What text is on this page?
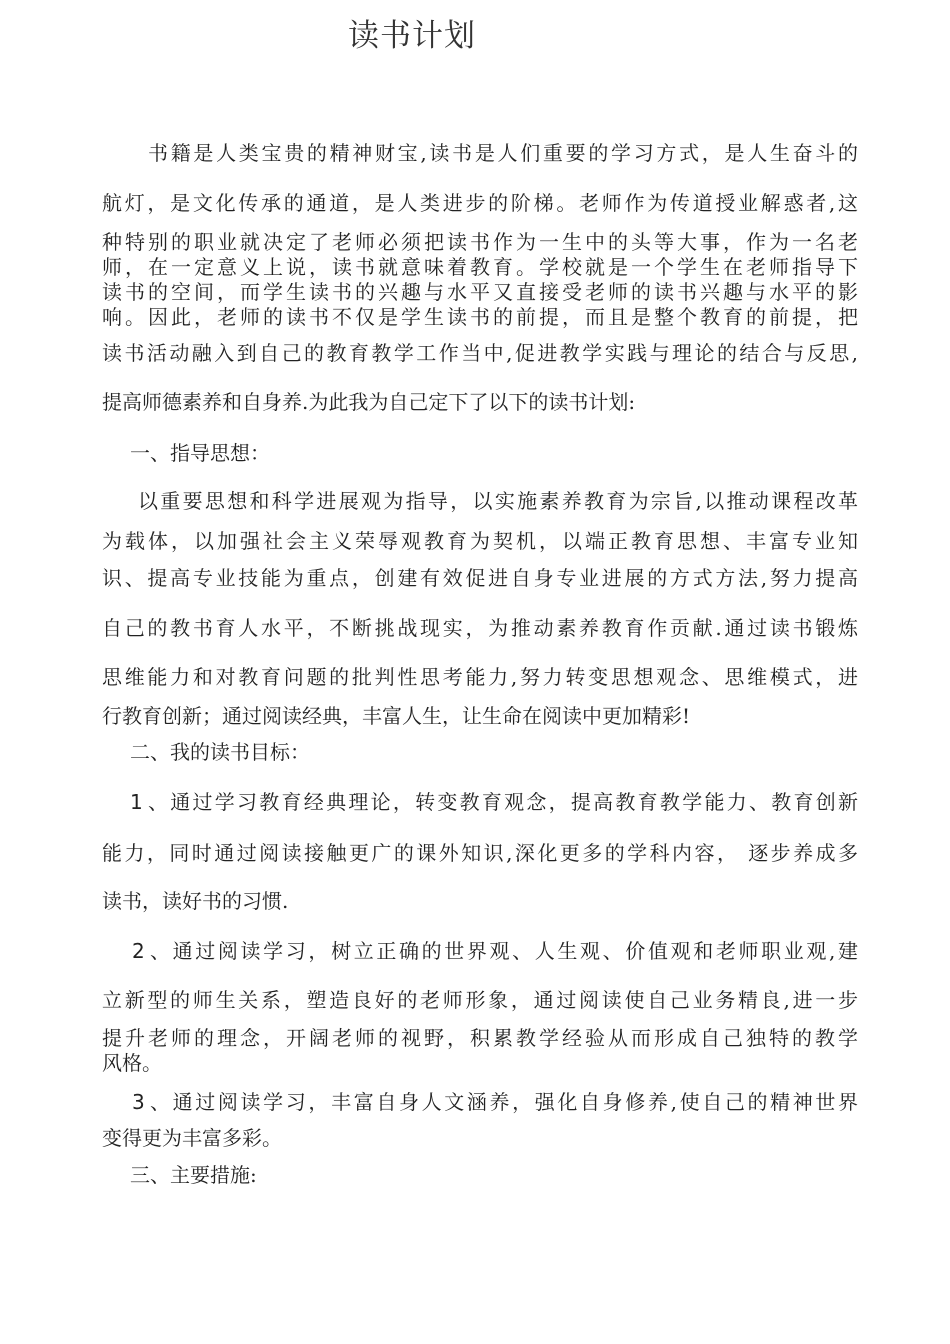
读书计划
书籍是人类宝贵的精神财宝,读书是人们重要的学习方式，是人生奋斗的
航灯，是文化传承的通道，是人类进步的阶梯。老师作为传道授业解惑者,这
种特别的职业就决定了老师必须把读书作为一生中的头等大事，作为一名老
师，在一定意义上说，读书就意味着教育。学校就是一个学生在老师指导下
读书的空间，而学生读书的兴趣与水平又直接受老师的读书兴趣与水平的影
响。因此，老师的读书不仅是学生读书的前提，而且是整个教育的前提，把
读书活动融入到自己的教育教学工作当中,促进教学实践与理论的结合与反思,
提高师德素养和自身养.为此我为自己定下了以下的读书计划:
一、指导思想：
以重要思想和科学进展观为指导，以实施素养教育为宗旨,以推动课程改革
为载体，以加强社会主义荣辱观教育为契机，以端正教育思想、丰富专业知
识、提高专业技能为重点，创建有效促进自身专业进展的方式方法,努力提高
自己的教书育人水平，不断挑战现实，为推动素养教育作贡献.通过读书锻炼
思维能力和对教育问题的批判性思考能力,努力转变思想观念、思维模式，进
行教育创新；通过阅读经典，丰富人生，让生命在阅读中更加精彩!
二、我的读书目标：
1 、通过学习教育经典理论，转变教育观念，提高教育教学能力、教育创新
能力，同时通过阅读接触更广的课外知识,深化更多的学科内容， 逐步养成多
读书，读好书的习惯.
2 、通过阅读学习，树立正确的世界观、人生观、价值观和老师职业观,建
立新型的师生关系，塑造良好的老师形象，通过阅读使自己业务精良,进一步
提升老师的理念，开阔老师的视野，积累教学经验从而形成自己独特的教学
风格。
3 、通过阅读学习，丰富自身人文涵养，强化自身修养,使自己的精神世界
变得更为丰富多彩。
三、主要措施:
